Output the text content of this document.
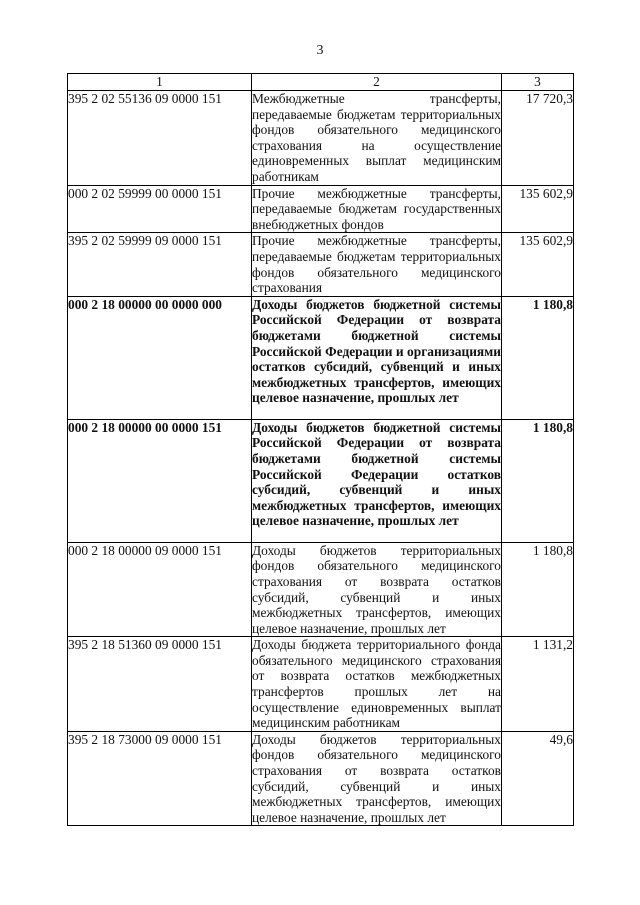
3
1	2	3
395 2 02 55136 09 0000 151	Межбюджетные трансферты, передаваемые бюджетам территориальных фондов обязательного медицинского страхования на осуществление единовременных выплат медицинским работникам	17 720,3
000 2 02 59999 00 0000 151	Прочие межбюджетные трансферты, передаваемые бюджетам государственных внебюджетных фондов	135 602,9
395 2 02 59999 09 0000 151	Прочие межбюджетные трансферты, передаваемые бюджетам территориальных фондов обязательного медицинского страхования	135 602,9
000 2 18 00000 00 0000 000	Доходы бюджетов бюджетной системы Российской Федерации от возврата бюджетами бюджетной системы Российской Федерации и организациями остатков субсидий, субвенций и иных межбюджетных трансфертов, имеющих целевое назначение, прошлых лет	1 180,8
000 2 18 00000 00 0000 151	Доходы бюджетов бюджетной системы Российской Федерации от возврата бюджетами бюджетной системы Российской Федерации остатков субсидий, субвенций и иных межбюджетных трансфертов, имеющих целевое назначение, прошлых лет	1 180,8
000 2 18 00000 09 0000 151	Доходы бюджетов территориальных фондов обязательного медицинского страхования от возврата остатков субсидий, субвенций и иных межбюджетных трансфертов, имеющих целевое назначение, прошлых лет	1 180,8
395 2 18 51360 09 0000 151	Доходы бюджета территориального фонда обязательного медицинского страхования от возврата остатков межбюджетных трансфертов прошлых лет на осуществление единовременных выплат медицинским работникам	1 131,2
395 2 18 73000 09 0000 151	Доходы бюджетов территориальных фондов обязательного медицинского страхования от возврата остатков субсидий, субвенций и иных межбюджетных трансфертов, имеющих целевое назначение, прошлых лет	49,6
